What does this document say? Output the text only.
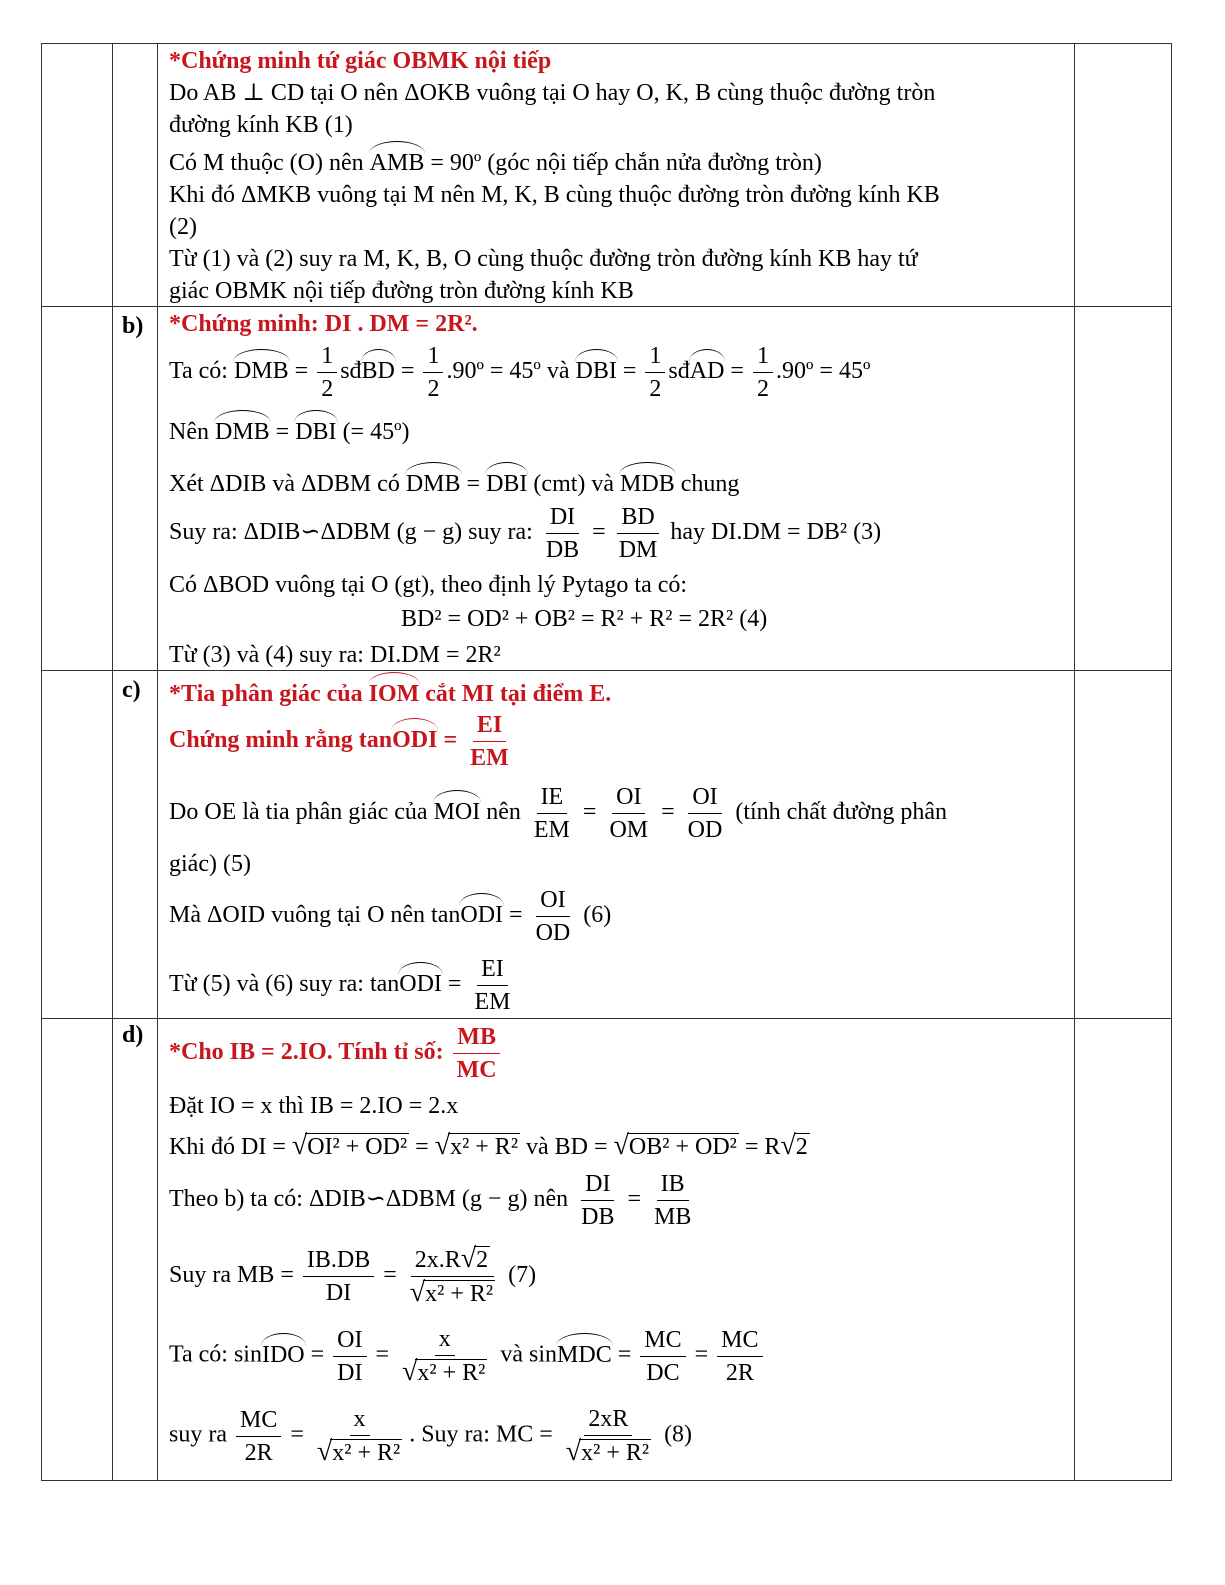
b)
c)
d)
*Chứng minh tứ giác OBMK nội tiếp
Do AB ⊥ CD tại O nên ΔOKB vuông tại O hay O, K, B cùng thuộc đường tròn
đường kính KB (1)
Có M thuộc (O) nên AMB = 90º (góc nội tiếp chắn nửa đường tròn)
Khi đó ΔMKB vuông tại M nên M, K, B cùng thuộc đường tròn đường kính KB
(2)
Từ (1) và (2) suy ra M, K, B, O cùng thuộc đường tròn đường kính KB hay tứ
giác OBMK nội tiếp đường tròn đường kính KB
*Chứng minh: DI . DM = 2R².
Ta có: DMB = $\frac{1}{2}$ sđBD = $\frac{1}{2}$ .90º = 45º và DBI = $\frac{1}{2}$ sđAD = $\frac{1}{2}$ .90º = 45º
Nên DMB = DBI (= 45º)
Xét ΔDIB và ΔDBM có DMB = DBI (cmt) và MDB chung
Suy ra: ΔDIB∽ΔDBM (g − g) suy ra: $\frac{DI}{DB} = \frac{BD}{DM}$ hay DI.DM = DB² (3)
Có ΔBOD vuông tại O (gt), theo định lý Pytago ta có:
BD² = OD² + OB² = R² + R² = 2R² (4)
Từ (3) và (4) suy ra: DI.DM = 2R²
*Tia phân giác của IOM cắt MI tại điểm E.
Chứng minh rằng tanODI = $\frac{EI}{EM}$
Do OE là tia phân giác của MOI nên $\frac{IE}{EM} = \frac{OI}{OM} = \frac{OI}{OD}$ (tính chất đường phân
giác) (5)
Mà ΔOID vuông tại O nên tanODI = $\frac{OI}{OD} (6)$
Từ (5) và (6) suy ra: tanODI = $\frac{EI}{EM}$
*Cho IB = 2.IO. Tính tỉ số: $\frac{MB}{MC}$
Đặt IO = x thì IB = 2.IO = 2.x
Khi đó DI = √OI² + OD² = √x² + R² và BD = √OB² + OD² = R√2
Theo b) ta có: ΔDIB∽ΔDBM (g − g) nên $\frac{DI}{DB} = \frac{IB}{MB}$
Suy ra MB = $\frac{IB.DB}{DI} = \frac{2x.R√2}{\text{√x² + R²}} (7)$
Ta có: sinIDO = $\frac{OI}{DI} = \frac{x}{\text{√x² + R²}}$ và sinMDC = $\frac{MC}{DC} = \frac{MC}{2R}$
suy ra $\frac{MC}{2R} = \frac{x}{\text{√x² + R²}}$ . Suy ra: MC = $\frac{2xR}{\text{√x² + R²}} (8)$
